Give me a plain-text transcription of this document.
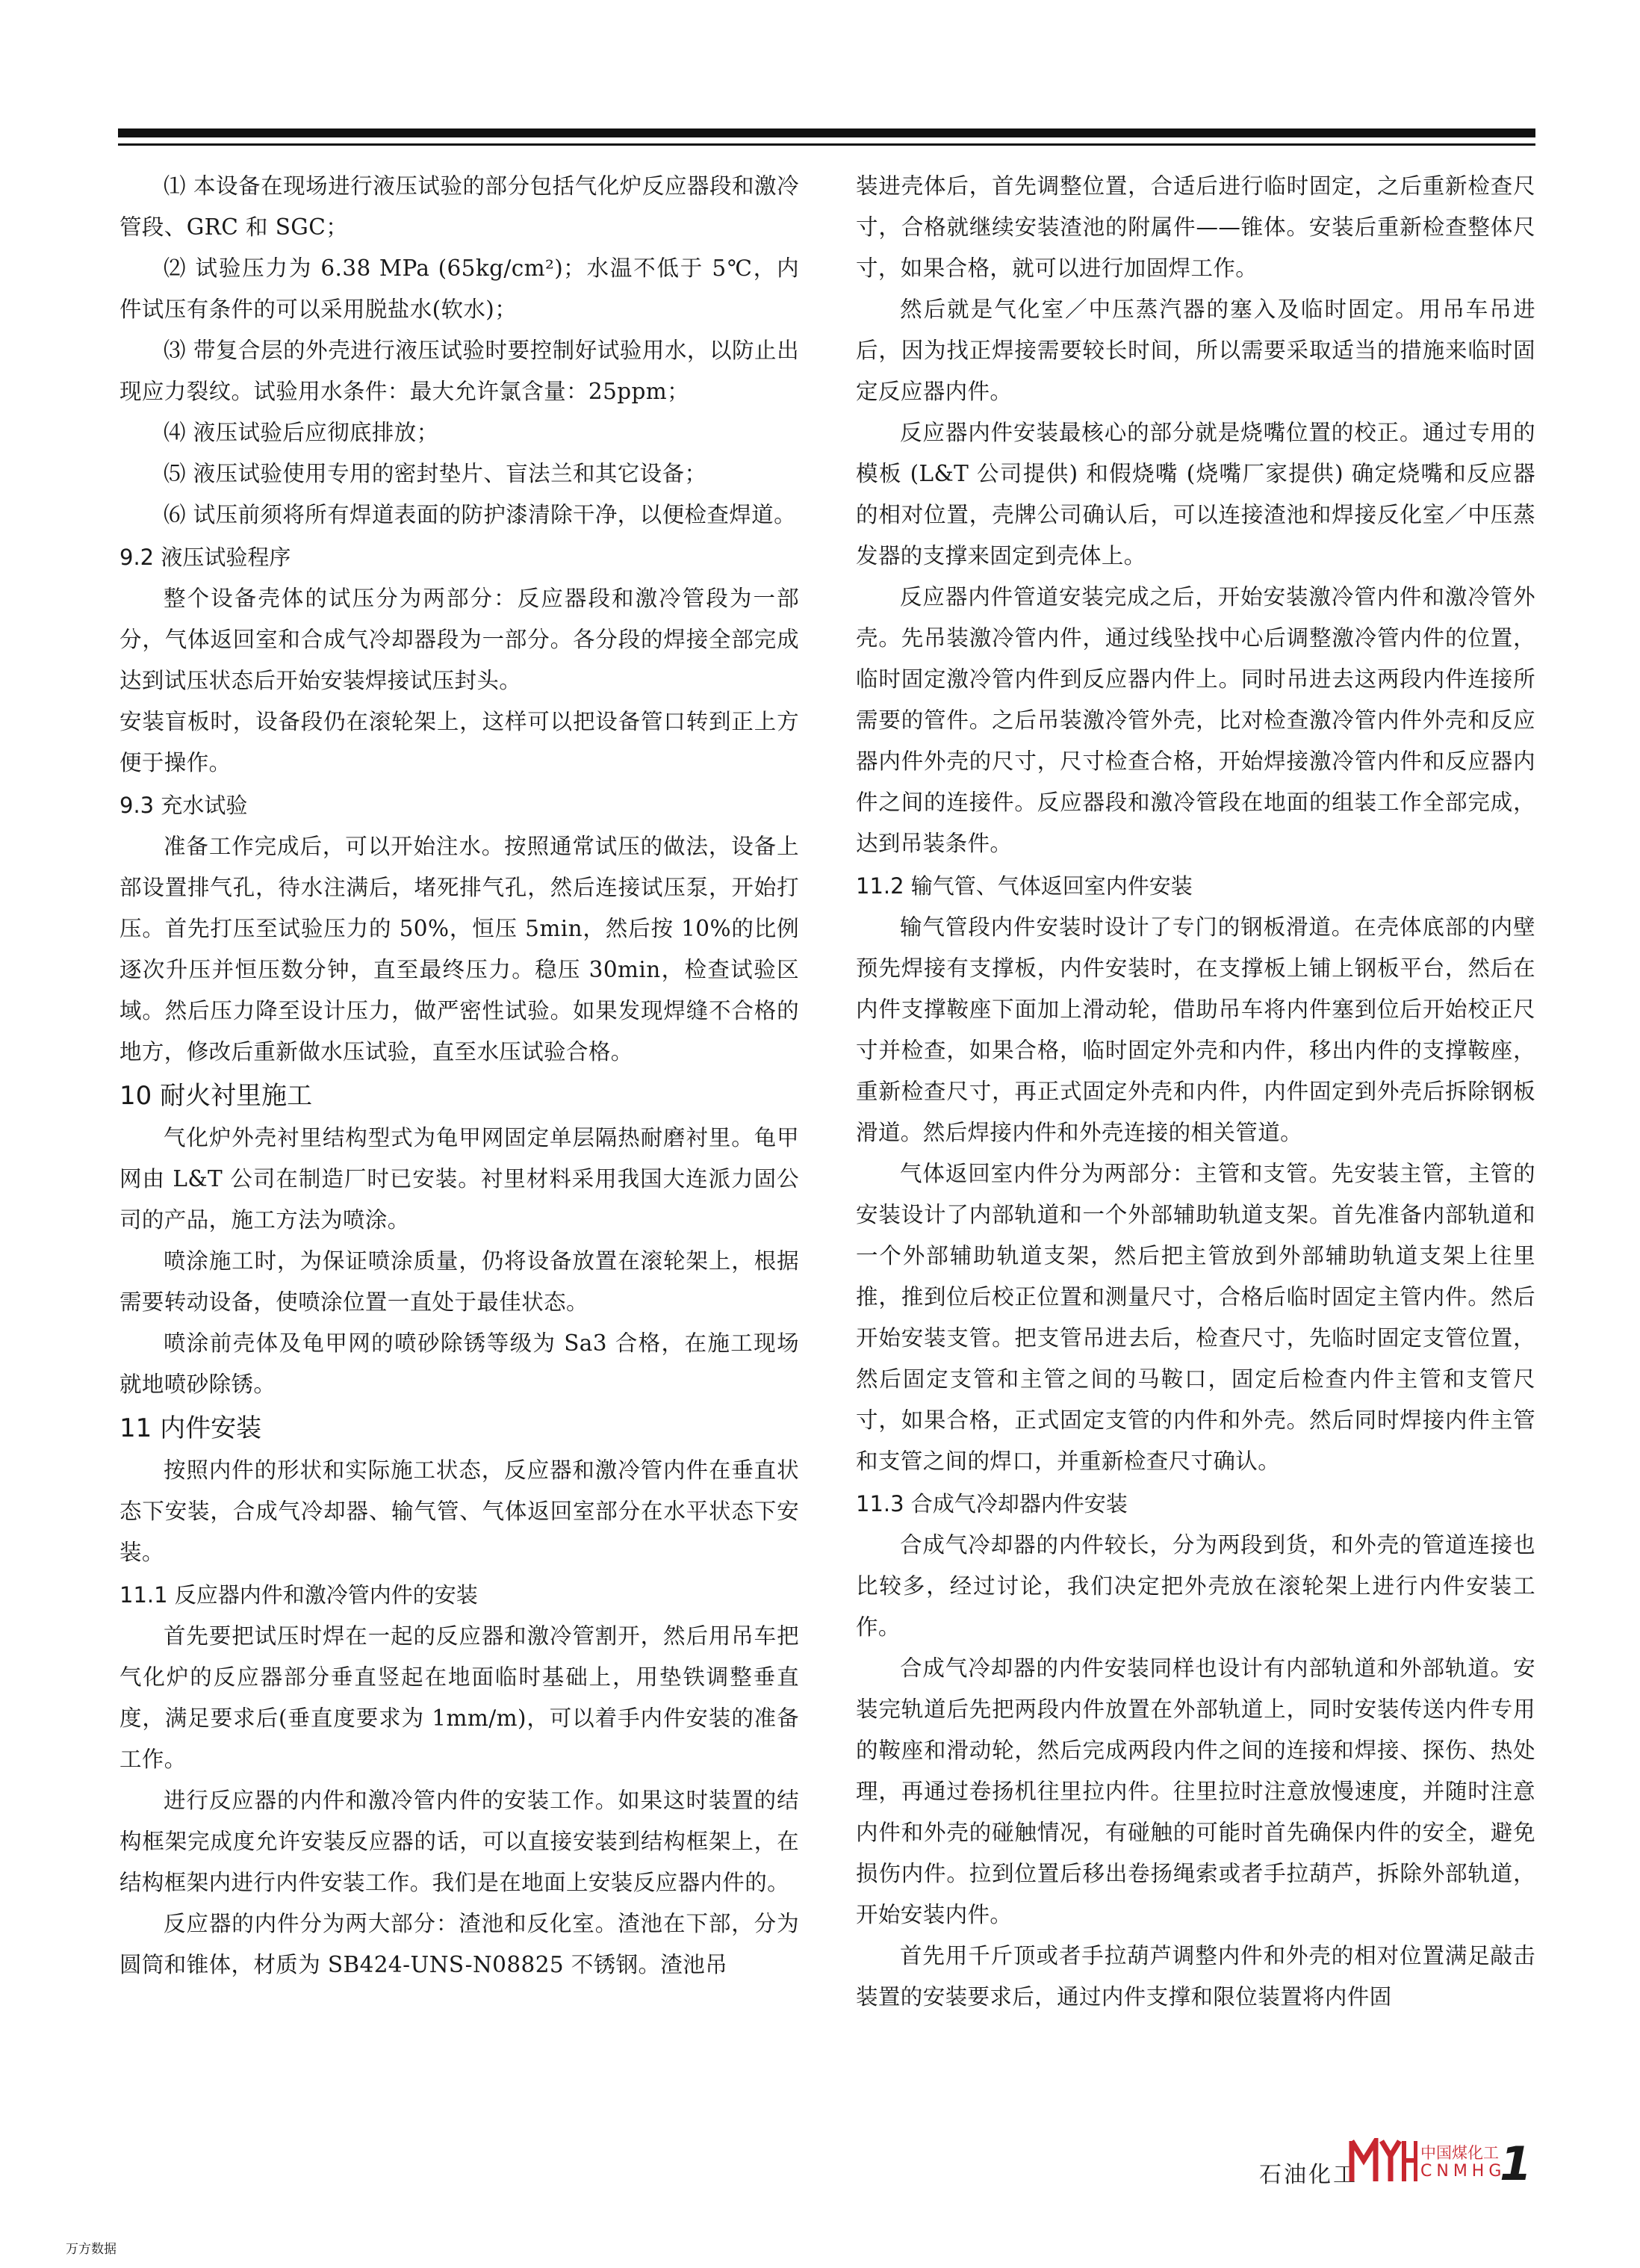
⑴ 本设备在现场进行液压试验的部分包括气化炉反应器段和激冷管段、GRC 和 SGC；

⑵ 试验压力为 6.38 MPa (65kg/cm²)；水温不低于 5℃，内件试压有条件的可以采用脱盐水(软水)；

⑶ 带复合层的外壳进行液压试验时要控制好试验用水，以防止出现应力裂纹。试验用水条件：最大允许氯含量：25ppm；

⑷ 液压试验后应彻底排放；

⑸ 液压试验使用专用的密封垫片、盲法兰和其它设备；

⑹ 试压前须将所有焊道表面的防护漆清除干净，以便检查焊道。

9.2 液压试验程序

整个设备壳体的试压分为两部分：反应器段和激冷管段为一部分，气体返回室和合成气冷却器段为一部分。各分段的焊接全部完成达到试压状态后开始安装焊接试压封头。

安装盲板时，设备段仍在滚轮架上，这样可以把设备管口转到正上方便于操作。

9.3 充水试验

准备工作完成后，可以开始注水。按照通常试压的做法，设备上部设置排气孔，待水注满后，堵死排气孔，然后连接试压泵，开始打压。首先打压至试验压力的 50%，恒压 5min，然后按 10%的比例逐次升压并恒压数分钟，直至最终压力。稳压 30min，检查试验区域。然后压力降至设计压力，做严密性试验。如果发现焊缝不合格的地方，修改后重新做水压试验，直至水压试验合格。

10 耐火衬里施工

气化炉外壳衬里结构型式为龟甲网固定单层隔热耐磨衬里。龟甲网由 L&T 公司在制造厂时已安装。衬里材料采用我国大连派力固公司的产品，施工方法为喷涂。

喷涂施工时，为保证喷涂质量，仍将设备放置在滚轮架上，根据需要转动设备，使喷涂位置一直处于最佳状态。

喷涂前壳体及龟甲网的喷砂除锈等级为 Sa3 合格，在施工现场就地喷砂除锈。

11 内件安装

按照内件的形状和实际施工状态，反应器和激冷管内件在垂直状态下安装，合成气冷却器、输气管、气体返回室部分在水平状态下安装。

11.1 反应器内件和激冷管内件的安装

首先要把试压时焊在一起的反应器和激冷管割开，然后用吊车把气化炉的反应器部分垂直竖起在地面临时基础上，用垫铁调整垂直度，满足要求后(垂直度要求为 1mm/m)，可以着手内件安装的准备工作。

进行反应器的内件和激冷管内件的安装工作。如果这时装置的结构框架完成度允许安装反应器的话，可以直接安装到结构框架上，在结构框架内进行内件安装工作。我们是在地面上安装反应器内件的。

反应器的内件分为两大部分：渣池和反化室。渣池在下部，分为圆筒和锥体，材质为 SB424-UNS-N08825 不锈钢。渣池吊

装进壳体后，首先调整位置，合适后进行临时固定，之后重新检查尺寸，合格就继续安装渣池的附属件——锥体。安装后重新检查整体尺寸，如果合格，就可以进行加固焊工作。

然后就是气化室／中压蒸汽器的塞入及临时固定。用吊车吊进后，因为找正焊接需要较长时间，所以需要采取适当的措施来临时固定反应器内件。

反应器内件安装最核心的部分就是烧嘴位置的校正。通过专用的模板 (L&T 公司提供) 和假烧嘴 (烧嘴厂家提供) 确定烧嘴和反应器的相对位置，壳牌公司确认后，可以连接渣池和焊接反化室／中压蒸发器的支撑来固定到壳体上。

反应器内件管道安装完成之后，开始安装激冷管内件和激冷管外壳。先吊装激冷管内件，通过线坠找中心后调整激冷管内件的位置，临时固定激冷管内件到反应器内件上。同时吊进去这两段内件连接所需要的管件。之后吊装激冷管外壳，比对检查激冷管内件外壳和反应器内件外壳的尺寸，尺寸检查合格，开始焊接激冷管内件和反应器内件之间的连接件。反应器段和激冷管段在地面的组装工作全部完成，达到吊装条件。

11.2 输气管、气体返回室内件安装

输气管段内件安装时设计了专门的钢板滑道。在壳体底部的内壁预先焊接有支撑板，内件安装时，在支撑板上铺上钢板平台，然后在内件支撑鞍座下面加上滑动轮，借助吊车将内件塞到位后开始校正尺寸并检查，如果合格，临时固定外壳和内件，移出内件的支撑鞍座，重新检查尺寸，再正式固定外壳和内件，内件固定到外壳后拆除钢板滑道。然后焊接内件和外壳连接的相关管道。

气体返回室内件分为两部分：主管和支管。先安装主管，主管的安装设计了内部轨道和一个外部辅助轨道支架。首先准备内部轨道和一个外部辅助轨道支架，然后把主管放到外部辅助轨道支架上往里推，推到位后校正位置和测量尺寸，合格后临时固定主管内件。然后开始安装支管。把支管吊进去后，检查尺寸，先临时固定支管位置，然后固定支管和主管之间的马鞍口，固定后检查内件主管和支管尺寸，如果合格，正式固定支管的内件和外壳。然后同时焊接内件主管和支管之间的焊口，并重新检查尺寸确认。

11.3 合成气冷却器内件安装

合成气冷却器的内件较长，分为两段到货，和外壳的管道连接也比较多，经过讨论，我们决定把外壳放在滚轮架上进行内件安装工作。

合成气冷却器的内件安装同样也设计有内部轨道和外部轨道。安装完轨道后先把两段内件放置在外部轨道上，同时安装传送内件专用的鞍座和滑动轮，然后完成两段内件之间的连接和焊接、探伤、热处理，再通过卷扬机往里拉内件。往里拉时注意放慢速度，并随时注意内件和外壳的碰触情况，有碰触的可能时首先确保内件的安全，避免损伤内件。拉到位置后移出卷扬绳索或者手拉葫芦，拆除外部轨道，开始安装内件。

首先用千斤顶或者手拉葫芦调整内件和外壳的相对位置满足敲击装置的安装要求后，通过内件支撑和限位装置将内件固

石油化工
中国煤化工
CNMHG
1
万方数据
